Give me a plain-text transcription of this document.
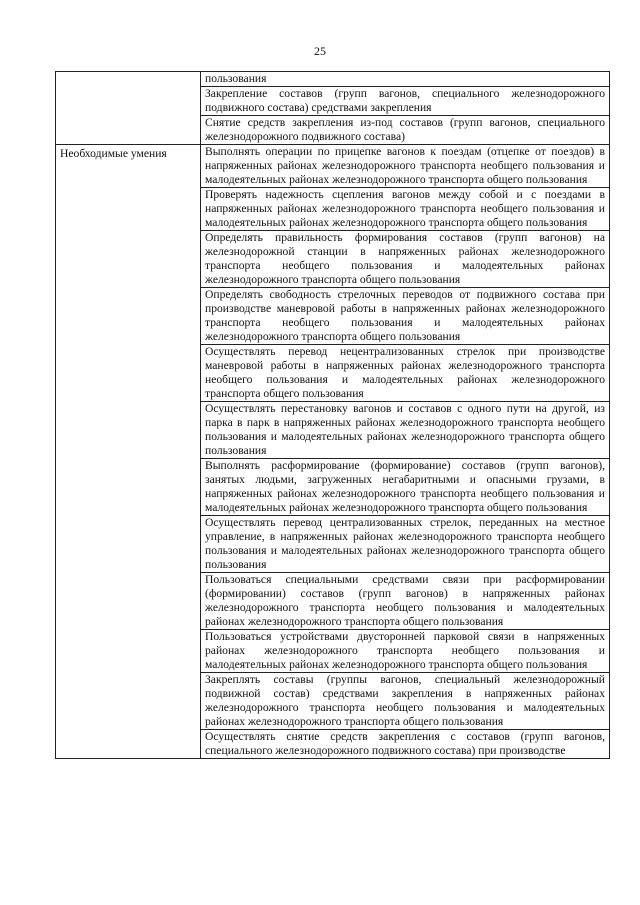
25
	пользования
	Закрепление составов (групп вагонов, специального железнодорожного подвижного состава) средствами закрепления
	Снятие средств закрепления из-под составов (групп вагонов, специального железнодорожного подвижного состава)
Необходимые умения	Выполнять операции по прицепке вагонов к поездам (отцепке от поездов) в напряженных районах железнодорожного транспорта необщего пользования и малодеятельных районах железнодорожного транспорта общего пользования
	Проверять надежность сцепления вагонов между собой и с поездами в напряженных районах железнодорожного транспорта необщего пользования и малодеятельных районах железнодорожного транспорта общего пользования
	Определять правильность формирования составов (групп вагонов) на железнодорожной станции в напряженных районах железнодорожного транспорта необщего пользования и малодеятельных районах железнодорожного транспорта общего пользования
	Определять свободность стрелочных переводов от подвижного состава при производстве маневровой работы в напряженных районах железнодорожного транспорта необщего пользования и малодеятельных районах железнодорожного транспорта общего пользования
	Осуществлять перевод нецентрализованных стрелок при производстве маневровой работы в напряженных районах железнодорожного транспорта необщего пользования и малодеятельных районах железнодорожного транспорта общего пользования
	Осуществлять перестановку вагонов и составов с одного пути на другой, из парка в парк в напряженных районах железнодорожного транспорта необщего пользования и малодеятельных районах железнодорожного транспорта общего пользования
	Выполнять расформирование (формирование) составов (групп вагонов), занятых людьми, загруженных негабаритными и опасными грузами, в напряженных районах железнодорожного транспорта необщего пользования и малодеятельных районах железнодорожного транспорта общего пользования
	Осуществлять перевод централизованных стрелок, переданных на местное управление, в напряженных районах железнодорожного транспорта необщего пользования и малодеятельных районах железнодорожного транспорта общего пользования
	Пользоваться специальными средствами связи при расформировании (формировании) составов (групп вагонов) в напряженных районах железнодорожного транспорта необщего пользования и малодеятельных районах железнодорожного транспорта общего пользования
	Пользоваться устройствами двусторонней парковой связи в напряженных районах железнодорожного транспорта необщего пользования и малодеятельных районах железнодорожного транспорта общего пользования
	Закреплять составы (группы вагонов, специальный железнодорожный подвижной состав) средствами закрепления в напряженных районах железнодорожного транспорта необщего пользования и малодеятельных районах железнодорожного транспорта общего пользования
	Осуществлять снятие средств закрепления с составов (групп вагонов, специального железнодорожного подвижного состава) при производстве
